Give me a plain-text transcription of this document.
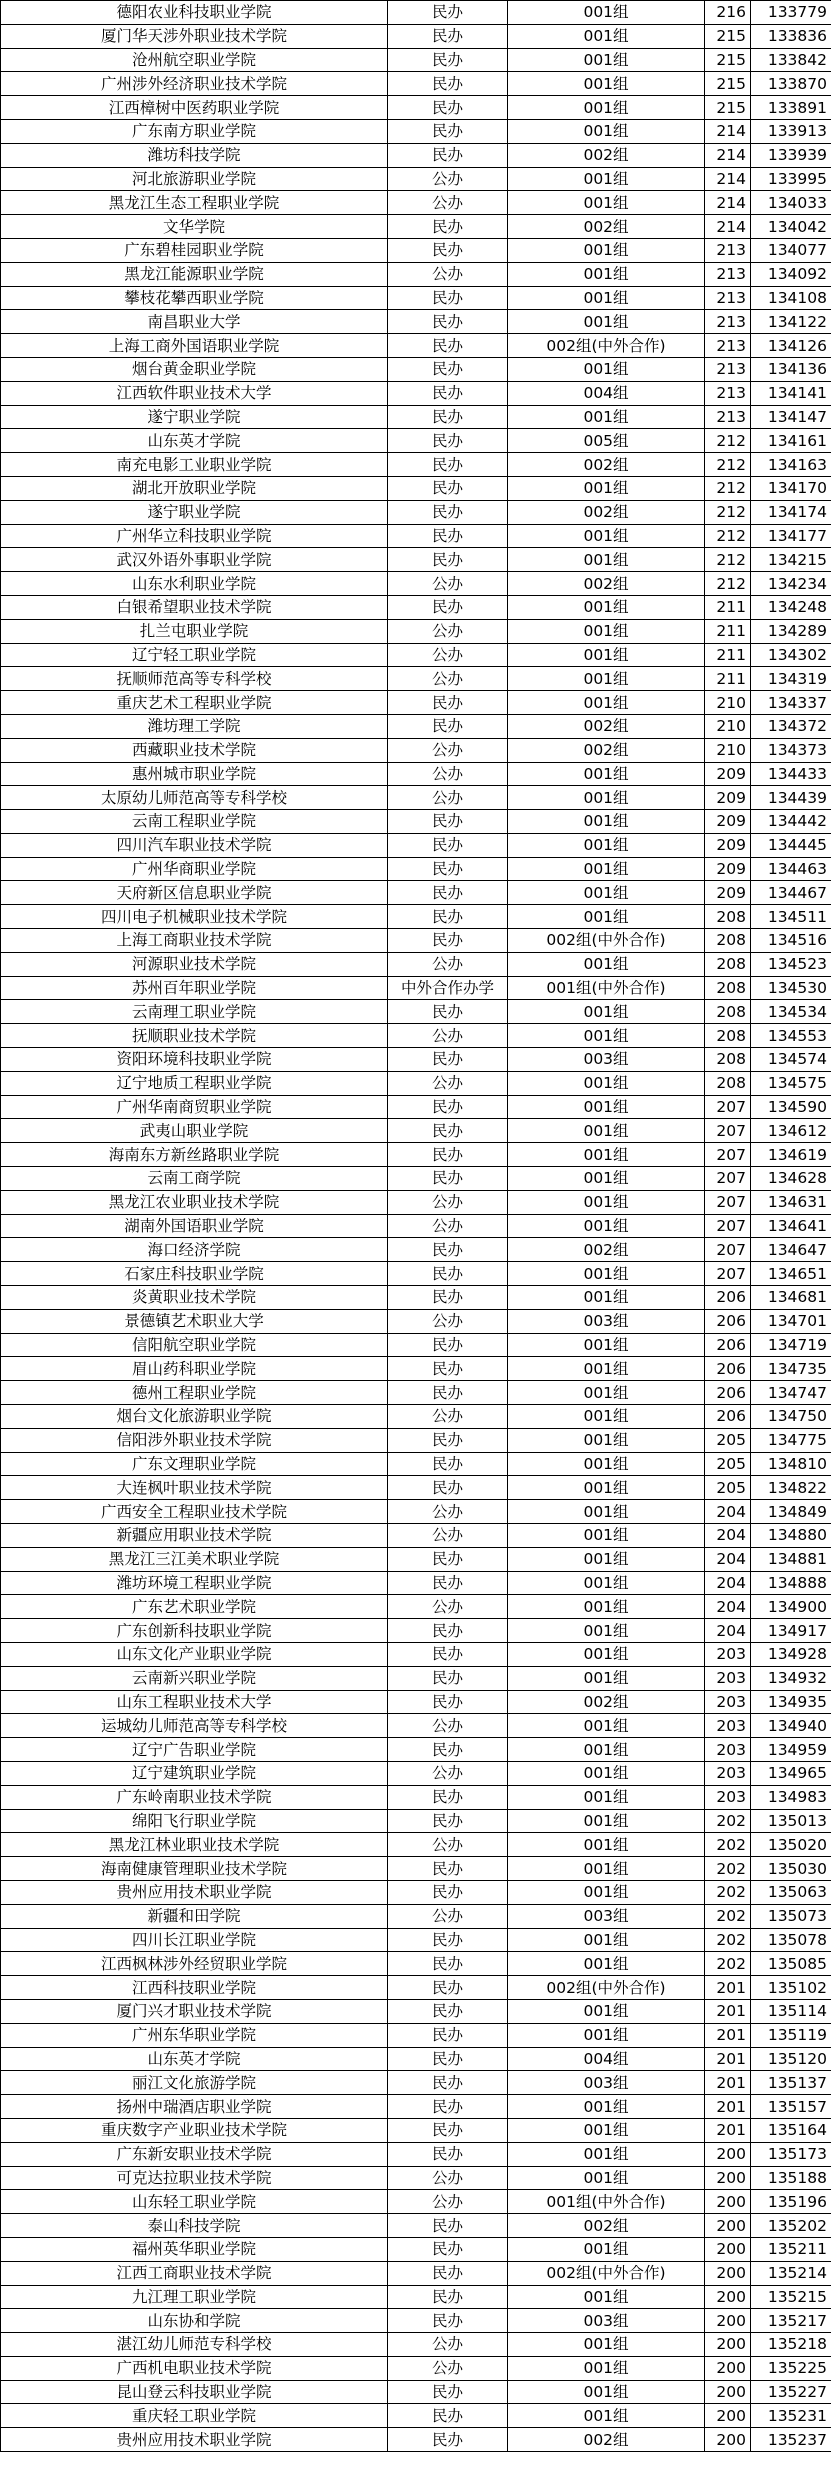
德阳农业科技职业学院	民办	001组	216	133779
厦门华天涉外职业技术学院	民办	001组	215	133836
沧州航空职业学院	民办	001组	215	133842
广州涉外经济职业技术学院	民办	001组	215	133870
江西樟树中医药职业学院	民办	001组	215	133891
广东南方职业学院	民办	001组	214	133913
潍坊科技学院	民办	002组	214	133939
河北旅游职业学院	公办	001组	214	133995
黑龙江生态工程职业学院	公办	001组	214	134033
文华学院	民办	002组	214	134042
广东碧桂园职业学院	民办	001组	213	134077
黑龙江能源职业学院	公办	001组	213	134092
攀枝花攀西职业学院	民办	001组	213	134108
南昌职业大学	民办	001组	213	134122
上海工商外国语职业学院	民办	002组(中外合作)	213	134126
烟台黄金职业学院	民办	001组	213	134136
江西软件职业技术大学	民办	004组	213	134141
遂宁职业学院	民办	001组	213	134147
山东英才学院	民办	005组	212	134161
南充电影工业职业学院	民办	002组	212	134163
湖北开放职业学院	民办	001组	212	134170
遂宁职业学院	民办	002组	212	134174
广州华立科技职业学院	民办	001组	212	134177
武汉外语外事职业学院	民办	001组	212	134215
山东水利职业学院	公办	002组	212	134234
白银希望职业技术学院	民办	001组	211	134248
扎兰屯职业学院	公办	001组	211	134289
辽宁轻工职业学院	公办	001组	211	134302
抚顺师范高等专科学校	公办	001组	211	134319
重庆艺术工程职业学院	民办	001组	210	134337
潍坊理工学院	民办	002组	210	134372
西藏职业技术学院	公办	002组	210	134373
惠州城市职业学院	公办	001组	209	134433
太原幼儿师范高等专科学校	公办	001组	209	134439
云南工程职业学院	民办	001组	209	134442
四川汽车职业技术学院	民办	001组	209	134445
广州华商职业学院	民办	001组	209	134463
天府新区信息职业学院	民办	001组	209	134467
四川电子机械职业技术学院	民办	001组	208	134511
上海工商职业技术学院	民办	002组(中外合作)	208	134516
河源职业技术学院	公办	001组	208	134523
苏州百年职业学院	中外合作办学	001组(中外合作)	208	134530
云南理工职业学院	民办	001组	208	134534
抚顺职业技术学院	公办	001组	208	134553
资阳环境科技职业学院	民办	003组	208	134574
辽宁地质工程职业学院	公办	001组	208	134575
广州华南商贸职业学院	民办	001组	207	134590
武夷山职业学院	民办	001组	207	134612
海南东方新丝路职业学院	民办	001组	207	134619
云南工商学院	民办	001组	207	134628
黑龙江农业职业技术学院	公办	001组	207	134631
湖南外国语职业学院	公办	001组	207	134641
海口经济学院	民办	002组	207	134647
石家庄科技职业学院	民办	001组	207	134651
炎黄职业技术学院	民办	001组	206	134681
景德镇艺术职业大学	公办	003组	206	134701
信阳航空职业学院	民办	001组	206	134719
眉山药科职业学院	民办	001组	206	134735
德州工程职业学院	民办	001组	206	134747
烟台文化旅游职业学院	公办	001组	206	134750
信阳涉外职业技术学院	民办	001组	205	134775
广东文理职业学院	民办	001组	205	134810
大连枫叶职业技术学院	民办	001组	205	134822
广西安全工程职业技术学院	公办	001组	204	134849
新疆应用职业技术学院	公办	001组	204	134880
黑龙江三江美术职业学院	民办	001组	204	134881
潍坊环境工程职业学院	民办	001组	204	134888
广东艺术职业学院	公办	001组	204	134900
广东创新科技职业学院	民办	001组	204	134917
山东文化产业职业学院	民办	001组	203	134928
云南新兴职业学院	民办	001组	203	134932
山东工程职业技术大学	民办	002组	203	134935
运城幼儿师范高等专科学校	公办	001组	203	134940
辽宁广告职业学院	民办	001组	203	134959
辽宁建筑职业学院	公办	001组	203	134965
广东岭南职业技术学院	民办	001组	203	134983
绵阳飞行职业学院	民办	001组	202	135013
黑龙江林业职业技术学院	公办	001组	202	135020
海南健康管理职业技术学院	民办	001组	202	135030
贵州应用技术职业学院	民办	001组	202	135063
新疆和田学院	公办	003组	202	135073
四川长江职业学院	民办	001组	202	135078
江西枫林涉外经贸职业学院	民办	001组	202	135085
江西科技职业学院	民办	002组(中外合作)	201	135102
厦门兴才职业技术学院	民办	001组	201	135114
广州东华职业学院	民办	001组	201	135119
山东英才学院	民办	004组	201	135120
丽江文化旅游学院	民办	003组	201	135137
扬州中瑞酒店职业学院	民办	001组	201	135157
重庆数字产业职业技术学院	民办	001组	201	135164
广东新安职业技术学院	民办	001组	200	135173
可克达拉职业技术学院	公办	001组	200	135188
山东轻工职业学院	公办	001组(中外合作)	200	135196
泰山科技学院	民办	002组	200	135202
福州英华职业学院	民办	001组	200	135211
江西工商职业技术学院	民办	002组(中外合作)	200	135214
九江理工职业学院	民办	001组	200	135215
山东协和学院	民办	003组	200	135217
湛江幼儿师范专科学校	公办	001组	200	135218
广西机电职业技术学院	公办	001组	200	135225
昆山登云科技职业学院	民办	001组	200	135227
重庆轻工职业学院	民办	001组	200	135231
贵州应用技术职业学院	民办	002组	200	135237
